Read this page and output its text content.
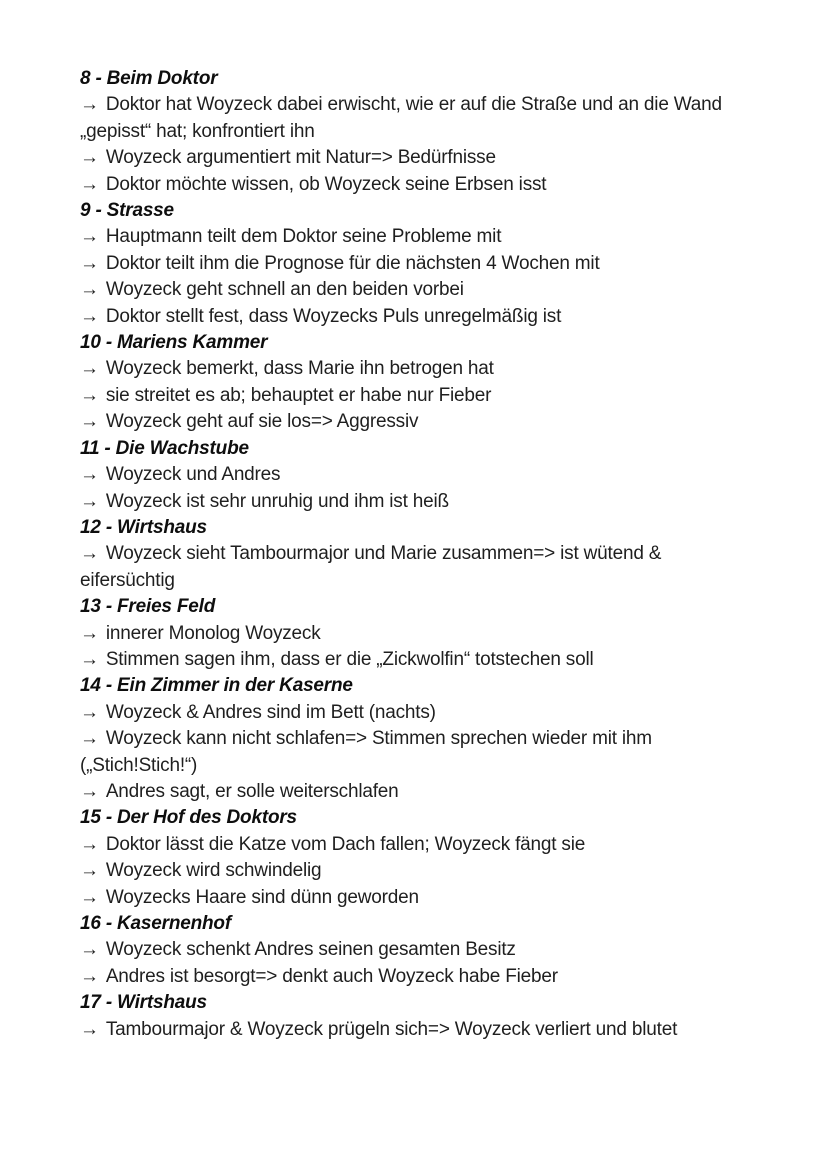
8 - Beim Doktor
→ Doktor hat Woyzeck dabei erwischt, wie er auf die Straße und an die Wand „gepisst“ hat; konfrontiert ihn
→ Woyzeck argumentiert mit Natur=> Bedürfnisse
→ Doktor möchte wissen, ob Woyzeck seine Erbsen isst
9 - Strasse
→ Hauptmann teilt dem Doktor seine Probleme mit
→ Doktor teilt ihm die Prognose für die nächsten 4 Wochen mit
→ Woyzeck geht schnell an den beiden vorbei
→ Doktor stellt fest, dass Woyzecks Puls unregelmäßig ist
10 - Mariens Kammer
→ Woyzeck bemerkt, dass Marie ihn betrogen hat
→ sie streitet es ab; behauptet er habe nur Fieber
→ Woyzeck geht auf sie los=> Aggressiv
11 - Die Wachstube
→ Woyzeck und Andres
→ Woyzeck ist sehr unruhig und ihm ist heiß
12 - Wirtshaus
→ Woyzeck sieht Tambourmajor und Marie zusammen=> ist wütend & eifersüchtig
13 - Freies Feld
→ innerer Monolog Woyzeck
→ Stimmen sagen ihm, dass er die „Zickwolfin“ totstechen soll
14 - Ein Zimmer in der Kaserne
→ Woyzeck & Andres sind im Bett (nachts)
→ Woyzeck kann nicht schlafen=> Stimmen sprechen wieder mit ihm („Stich!Stich!“)
→ Andres sagt, er solle weiterschlafen
15 - Der Hof des Doktors
→ Doktor lässt die Katze vom Dach fallen; Woyzeck fängt sie
→ Woyzeck wird schwindelig
→ Woyzecks Haare sind dünn geworden
16 - Kasernenhof
→ Woyzeck schenkt Andres seinen gesamten Besitz
→ Andres ist besorgt=> denkt auch Woyzeck habe Fieber
17 - Wirtshaus
→ Tambourmajor & Woyzeck prügeln sich=> Woyzeck verliert und blutet
